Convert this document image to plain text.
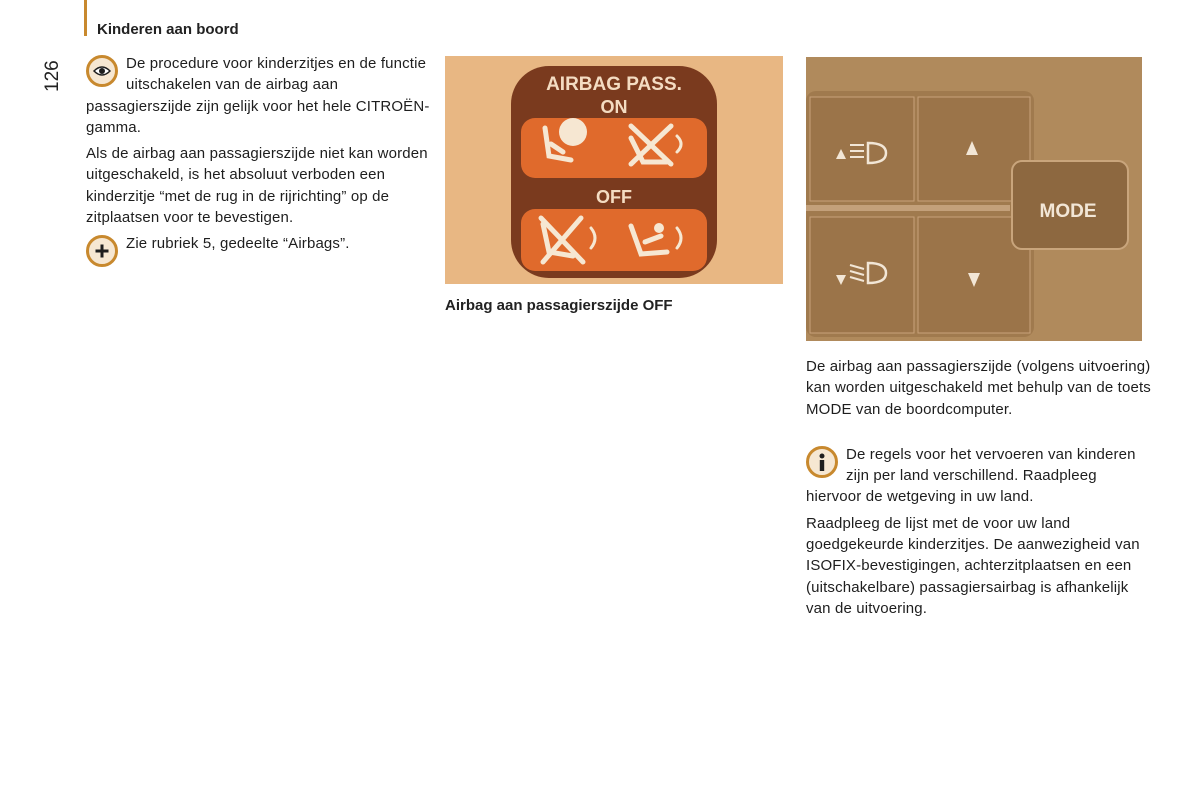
126
Kinderen aan boord
De procedure voor kinderzitjes en de functie uitschakelen van de airbag aan passagierszijde zijn gelijk voor het hele CITROËN-gamma.
Als de airbag aan passagierszijde niet kan worden uitgeschakeld, is het absoluut verboden een kinderzitje “met de rug in de rijrichting” op de zitplaatsen voor te bevestigen.
Zie rubriek 5, gedeelte “Airbags”.
AIRBAG PASS.
ON
OFF
Airbag aan passagierszijde OFF
MODE
De airbag aan passagierszijde (volgens uitvoering) kan worden uitgeschakeld met behulp van de toets MODE van de boordcomputer.
De regels voor het vervoeren van kinderen zijn per land verschillend. Raadpleeg hiervoor de wetgeving in uw land.
Raadpleeg de lijst met de voor uw land goedgekeurde kinderzitjes. De aanwezigheid van ISOFIX-bevestigingen, achterzitplaatsen en een (uitschakelbare) passagiersairbag is afhankelijk van de uitvoering.
